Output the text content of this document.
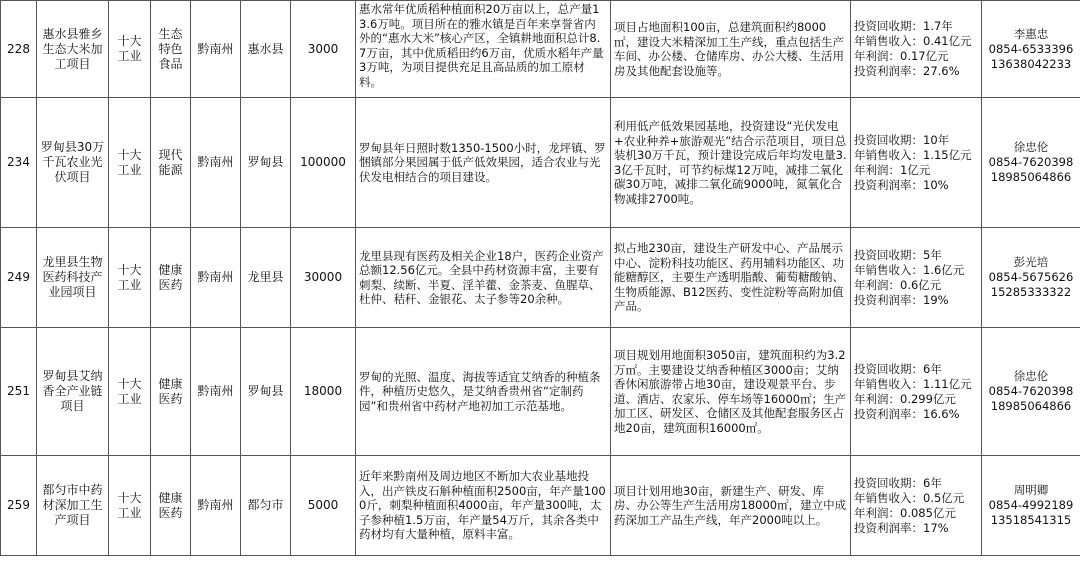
228	惠水县雅乡生态大米加工项目	十大工业	生态特色食品	黔南州	惠水县	3000	惠水常年优质稻种植面积20万亩以上，总产量13.6万吨。项目所在的雅水镇是百年来享誉省内外的“惠水大米”核心产区，全镇耕地面积总计8.7万亩，其中优质稻田约6万亩，优质水稻年产量3万吨，为项目提供充足且高品质的加工原材料。	项目占地面积100亩，总建筑面积约8000㎡，建设大米精深加工生产线，重点包括生产车间、办公楼、仓储库房、办公大楼、生活用房及其他配套设施等。	投资回收期：1.7年
年销售收入：0.41亿元
年利润：0.17亿元
投资利润率：27.6%	李惠忠
0854-6533396
13638042233

234	罗甸县30万千瓦农业光伏项目	十大工业	现代能源	黔南州	罗甸县	100000	罗甸县年日照时数1350-1500小时，龙坪镇、罗悃镇部分果园属于低产低效果园，适合农业与光伏发电相结合的项目建设。	利用低产低效果园基地，投资建设“光伏发电+农业种养+旅游观光”结合示范项目，项目总装机30万千瓦，预计建设完成后年均发电量3.3亿千瓦时，可节约标煤12万吨，减排二氧化碳30万吨，减排二氧化硫9000吨，氮氧化合物减排2700吨。	投资回收期：10年
年销售收入：1.15亿元
年利润：1亿元
投资利润率：10%	徐忠伦
0854-7620398
18985064866

249	龙里县生物医药科技产业园项目	十大工业	健康医药	黔南州	龙里县	30000	龙里县现有医药及相关企业18户，医药企业资产总额12.56亿元。全县中药材资源丰富，主要有刺梨、续断、半夏、淫羊藿、金茶麦、鱼腥草、杜仲、秸秆、金银花、太子参等20余种。	拟占地230亩，建设生产研发中心、产品展示中心、淀粉科技功能区、药用辅料功能区、功能糖醇区，主要生产透明脂酸、葡萄糖酸钠、生物质能源、B12医药、变性淀粉等高附加值产品。	投资回收期：5年
年销售收入：1.6亿元
年利润：0.6亿元
投资利润率：19%	彭光培
0854-5675626
15285333322

251	罗甸县艾纳香全产业链项目	十大工业	健康医药	黔南州	罗甸县	18000	罗甸的光照、温度、海拔等适宜艾纳香的种植条件，种植历史悠久，是艾纳香贵州省“定制药园”和贵州省中药材产地初加工示范基地。	项目规划用地面积3050亩，建筑面积约为3.2万㎡。主要建设艾纳香种植区3000亩；艾纳香休闲旅游带占地30亩，建设观景平台、步道、酒店、农家乐、停车场等16000㎡；生产加工区、研发区、仓储区及其他配套服务区占地20亩，建筑面积16000㎡。	投资回收期：6年
年销售收入：1.11亿元
年利润：0.299亿元
投资利润率：16.6%	徐忠伦
0854-7620398
18985064866

259	都匀市中药材深加工生产项目	十大工业	健康医药	黔南州	都匀市	5000	近年来黔南州及周边地区不断加大农业基地投入，出产铁皮石斛种植面积2500亩，年产量1000斤，刺梨种植面积4000亩，年产量300吨，太子参种植1.5万亩，年产量54万斤，其余各类中药材均有大量种植，原料丰富。	项目计划用地30亩，新建生产、研发、库房、办公等生产生活用房18000㎡，建立中成药深加工产品生产线，年产2000吨以上。	投资回收期：6年
年销售收入：0.5亿元
年利润：0.085亿元
投资利润率：17%	周明卿
0854-4992189
13518541315
